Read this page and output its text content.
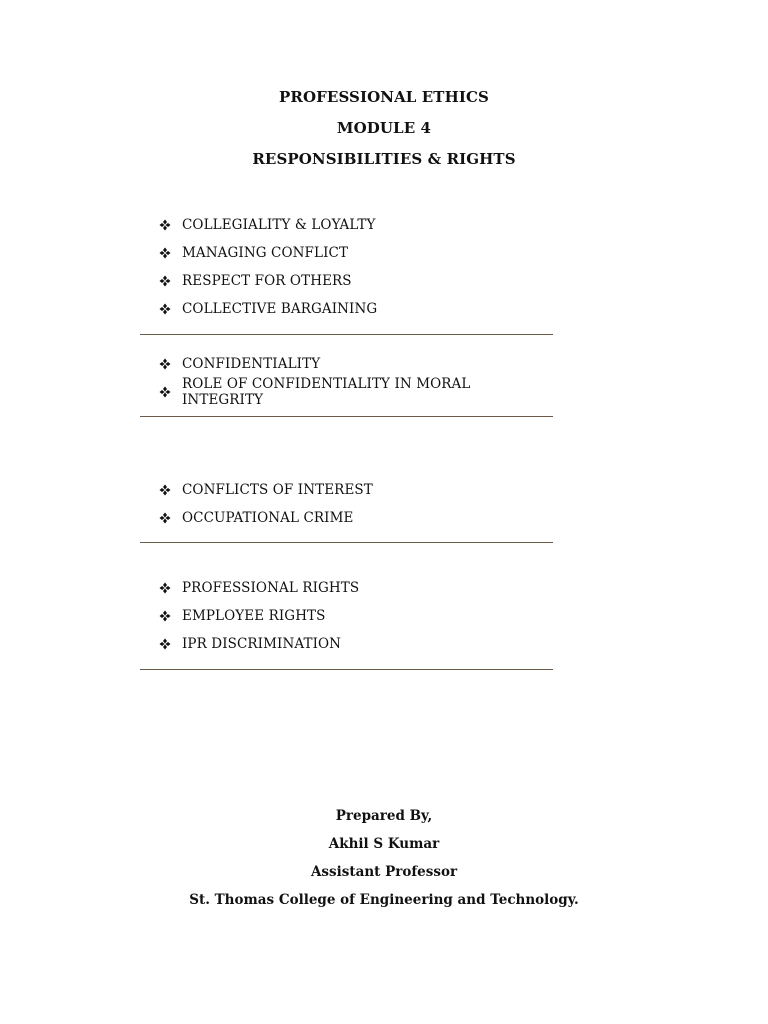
PROFESSIONAL ETHICS
MODULE 4
RESPONSIBILITIES & RIGHTS
COLLEGIALITY & LOYALTY
MANAGING CONFLICT
RESPECT FOR OTHERS
COLLECTIVE BARGAINING
CONFIDENTIALITY
ROLE OF CONFIDENTIALITY IN MORAL INTEGRITY
CONFLICTS OF INTEREST
OCCUPATIONAL CRIME
PROFESSIONAL RIGHTS
EMPLOYEE RIGHTS
IPR DISCRIMINATION
Prepared By,
Akhil S Kumar
Assistant Professor
St. Thomas College of Engineering and Technology.
